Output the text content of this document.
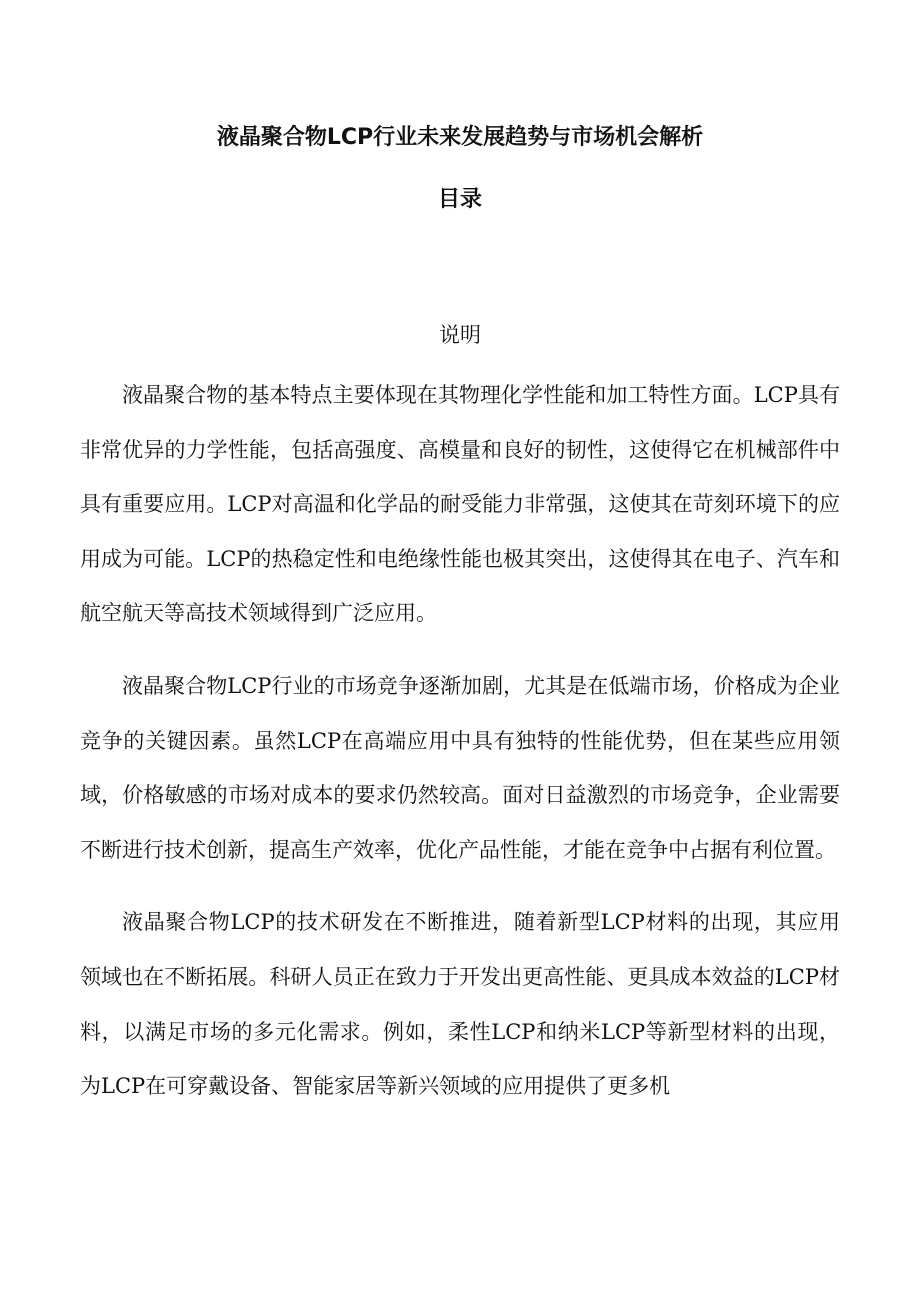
液晶聚合物LCP行业未来发展趋势与市场机会解析
目录
说明

液晶聚合物的基本特点主要体现在其物理化学性能和加工特性方面。LCP具有非常优异的力学性能，包括高强度、高模量和良好的韧性，这使得它在机械部件中具有重要应用。LCP对高温和化学品的耐受能力非常强，这使其在苛刻环境下的应用成为可能。LCP的热稳定性和电绝缘性能也极其突出，这使得其在电子、汽车和航空航天等高技术领域得到广泛应用。

液晶聚合物LCP行业的市场竞争逐渐加剧，尤其是在低端市场，价格成为企业竞争的关键因素。虽然LCP在高端应用中具有独特的性能优势，但在某些应用领域，价格敏感的市场对成本的要求仍然较高。面对日益激烈的市场竞争，企业需要不断进行技术创新，提高生产效率，优化产品性能，才能在竞争中占据有利位置。

液晶聚合物LCP的技术研发在不断推进，随着新型LCP材料的出现，其应用领域也在不断拓展。科研人员正在致力于开发出更高性能、更具成本效益的LCP材料，以满足市场的多元化需求。例如，柔性LCP和纳米LCP等新型材料的出现，为LCP在可穿戴设备、智能家居等新兴领域的应用提供了更多机
